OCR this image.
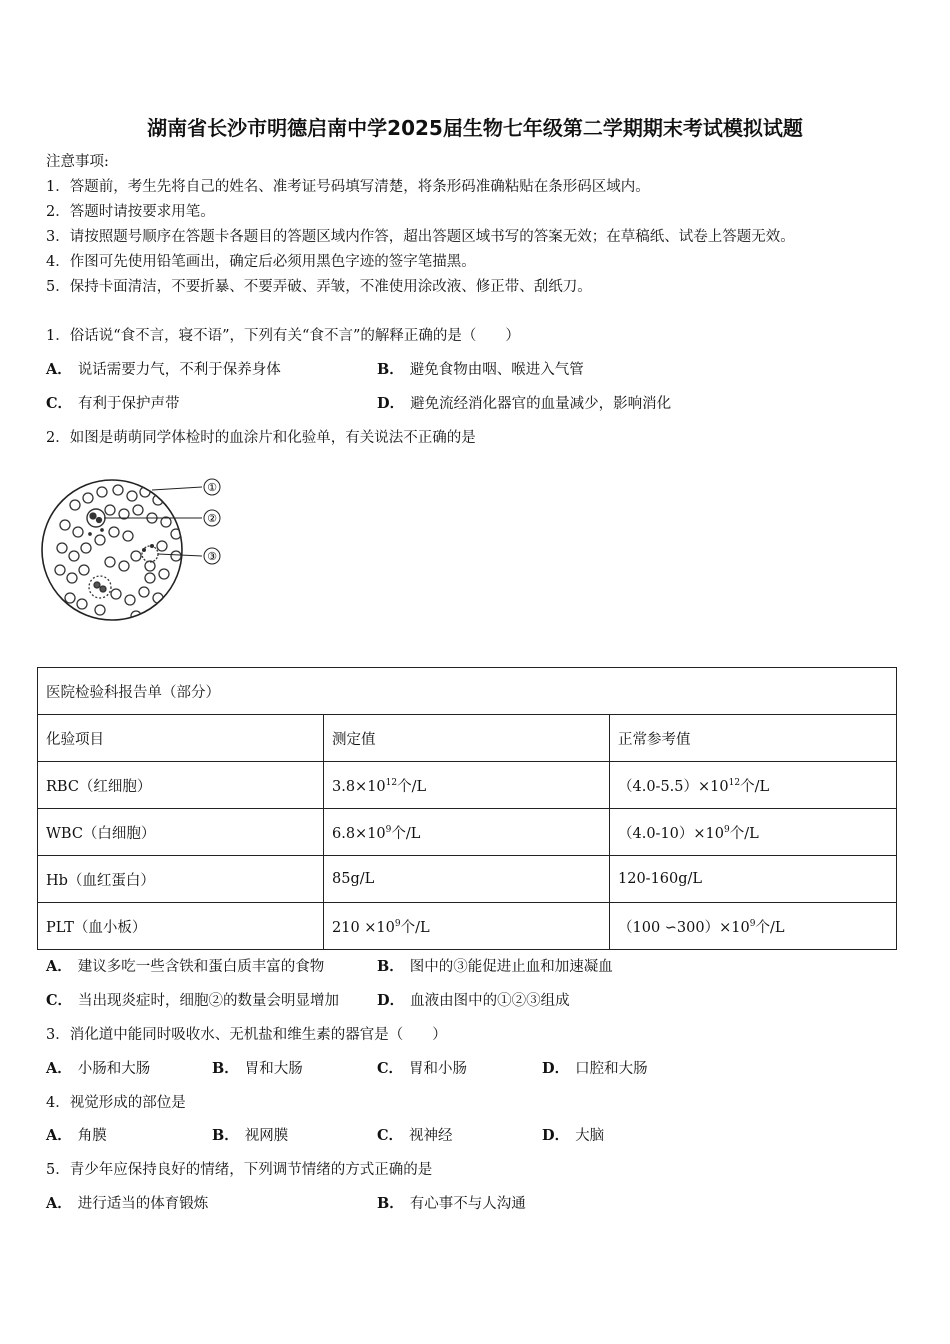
湖南省长沙市明德启南中学2025届生物七年级第二学期期末考试模拟试题
注意事项:
1．答题前，考生先将自己的姓名、准考证号码填写清楚，将条形码准确粘贴在条形码区域内。
2．答题时请按要求用笔。
3．请按照题号顺序在答题卡各题目的答题区域内作答，超出答题区域书写的答案无效；在草稿纸、试卷上答题无效。
4．作图可先使用铅笔画出，确定后必须用黑色字迹的签字笔描黑。
5．保持卡面清洁，不要折暴、不要弄破、弄皱，不准使用涂改液、修正带、刮纸刀。
1．俗话说“食不言，寝不语”，下列有关“食不言”的解释正确的是（　　）
A． 说话需要力气，不利于保养身体	B． 避免食物由咽、喉进入气管
C． 有利于保护声带	D． 避免流经消化器官的血量减少，影响消化
2．如图是萌萌同学体检时的血涂片和化验单，有关说法不正确的是
①
②
③
医院检验科报告单（部分）		
化验项目	测定值	正常参考值
RBC（红细胞）	$3.8\times 10^{12}$个/L	$(4.0-5.5)\times 10^{12}$个/L
WBC（白细胞）	$6.8\times 10^9$个/L	$(4.0-10)\times 10^9$个/L
Hb（血红蛋白）	85g/L	120-160g/L
PLT（血小板）	$210 \times 10^9$个/L	（100 $∽300)\times 10^9$个/L
A． 建议多吃一些含铁和蛋白质丰富的食物	B． 图中的③能促进止血和加速凝血
C． 当出现炎症时，细胞②的数量会明显增加	D． 血液由图中的①②③组成
3．消化道中能同时吸收水、无机盐和维生素的器官是（　　）
A． 小肠和大肠	B． 胃和大肠	C． 胃和小肠	D． 口腔和大肠
4．视觉形成的部位是
A． 角膜	B． 视网膜	C． 视神经	D． 大脑
5．青少年应保持良好的情绪，下列调节情绪的方式正确的是
A． 进行适当的体育锻炼	B． 有心事不与人沟通
